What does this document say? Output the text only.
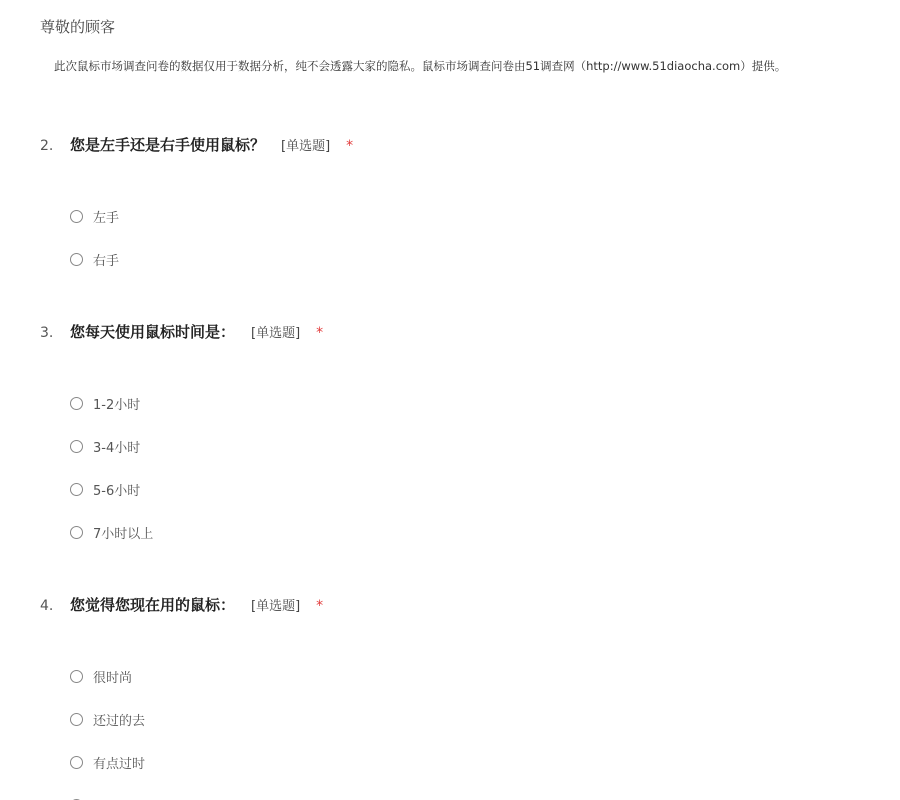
尊敬的顾客
此次鼠标市场调查问卷的数据仅用于数据分析，纯不会透露大家的隐私。鼠标市场调查问卷由51调查网（http://www.51diaocha.com）提供。
2.	您是左手还是右手使用鼠标？ [单选题] *
左手
右手
3.	您每天使用鼠标时间是： [单选题] *
1-2小时
3-4小时
5-6小时
7小时以上
4.	您觉得您现在用的鼠标： [单选题] *
很时尚
还过的去
有点过时
